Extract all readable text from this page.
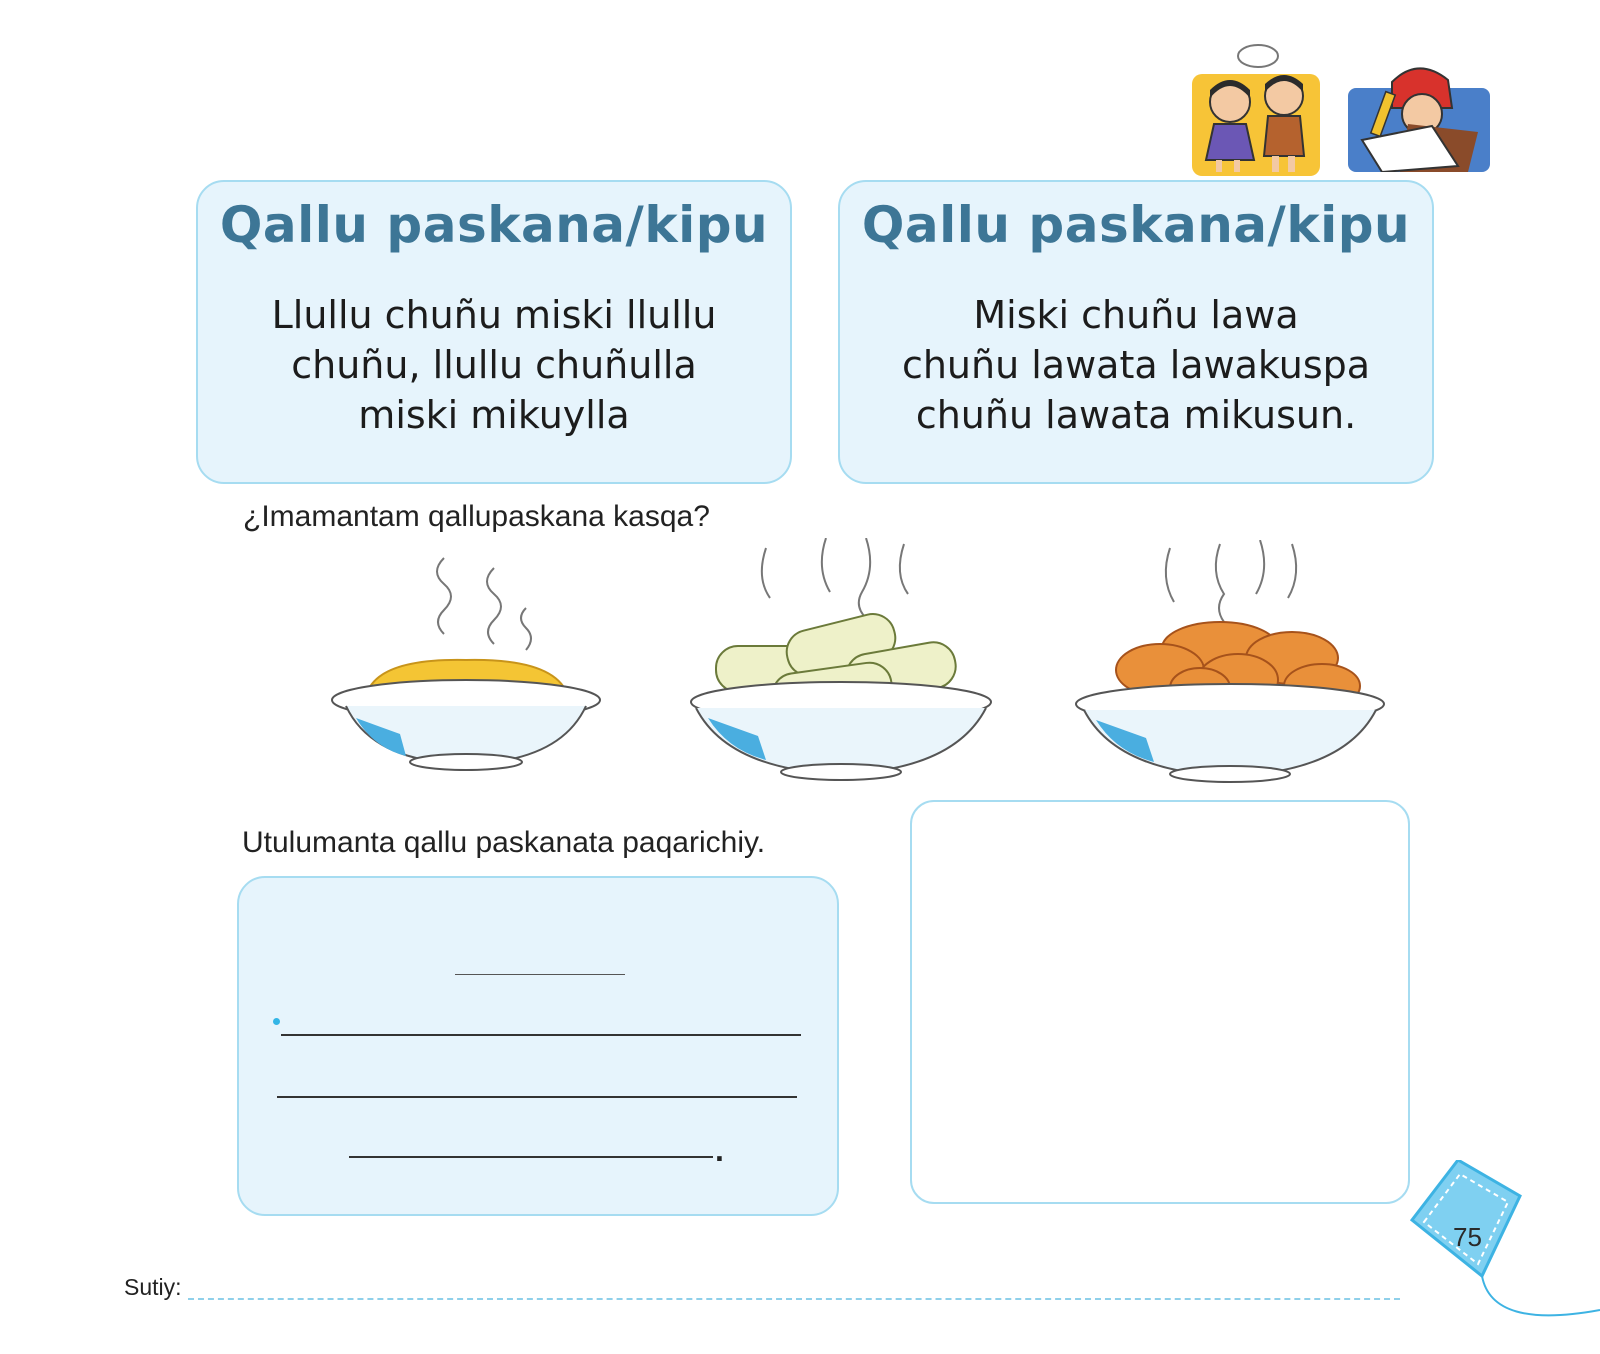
Qallu paskana/kipu
Llullu chuñu miski llullu
chuñu, llullu chuñulla
miski mikuylla
Qallu paskana/kipu
Miski chuñu lawa
chuñu lawata lawakuspa
chuñu lawata mikusun.
¿Imamantam qallupaskana kasqa?
Utulumanta qallu paskanata paqarichiy.
.
Sutiy:
75
